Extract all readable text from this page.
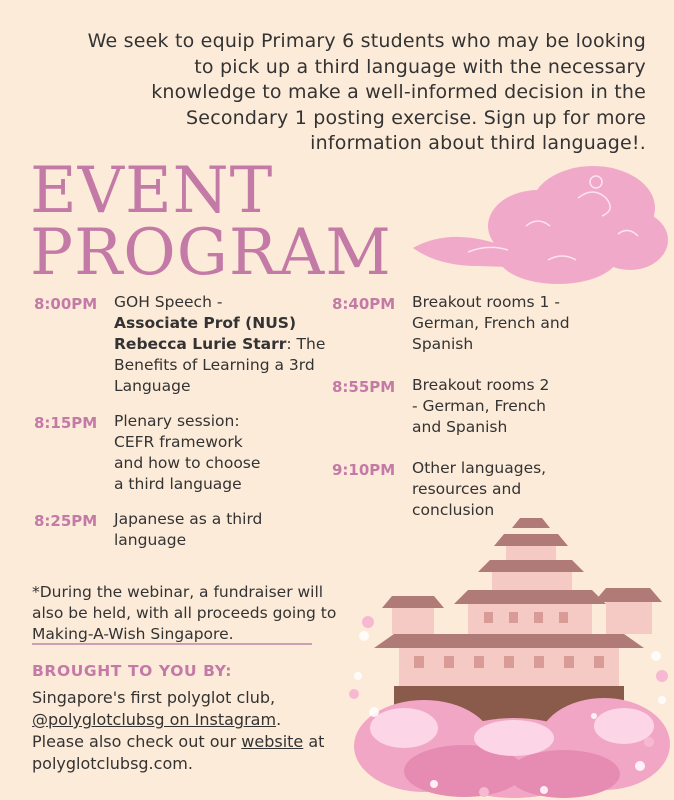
We seek to equip Primary 6 students who may be looking to pick up a third language with the necessary knowledge to make a well-informed decision in the Secondary 1 posting exercise. Sign up for more information about third language!.

EVENT
PROGRAM
8:00PM	GOH Speech -
Associate Prof (NUS) Rebecca Lurie Starr: The Benefits of Learning a 3rd Language
8:15PM	Plenary session: CEFR framework and how to choose a third language
8:25PM	Japanese as a third language
8:40PM	Breakout rooms 1 - German, French and Spanish
8:55PM	Breakout rooms 2 - German, French and Spanish
9:10PM	Other languages, resources and conclusion

*During the webinar, a fundraiser will also be held, with all proceeds going to Making-A-Wish Singapore.

BROUGHT TO YOU BY:
Singapore's first polyglot club,
@polyglotclubsg on Instagram.
Please also check out our website at
polyglotclubsg.com.
